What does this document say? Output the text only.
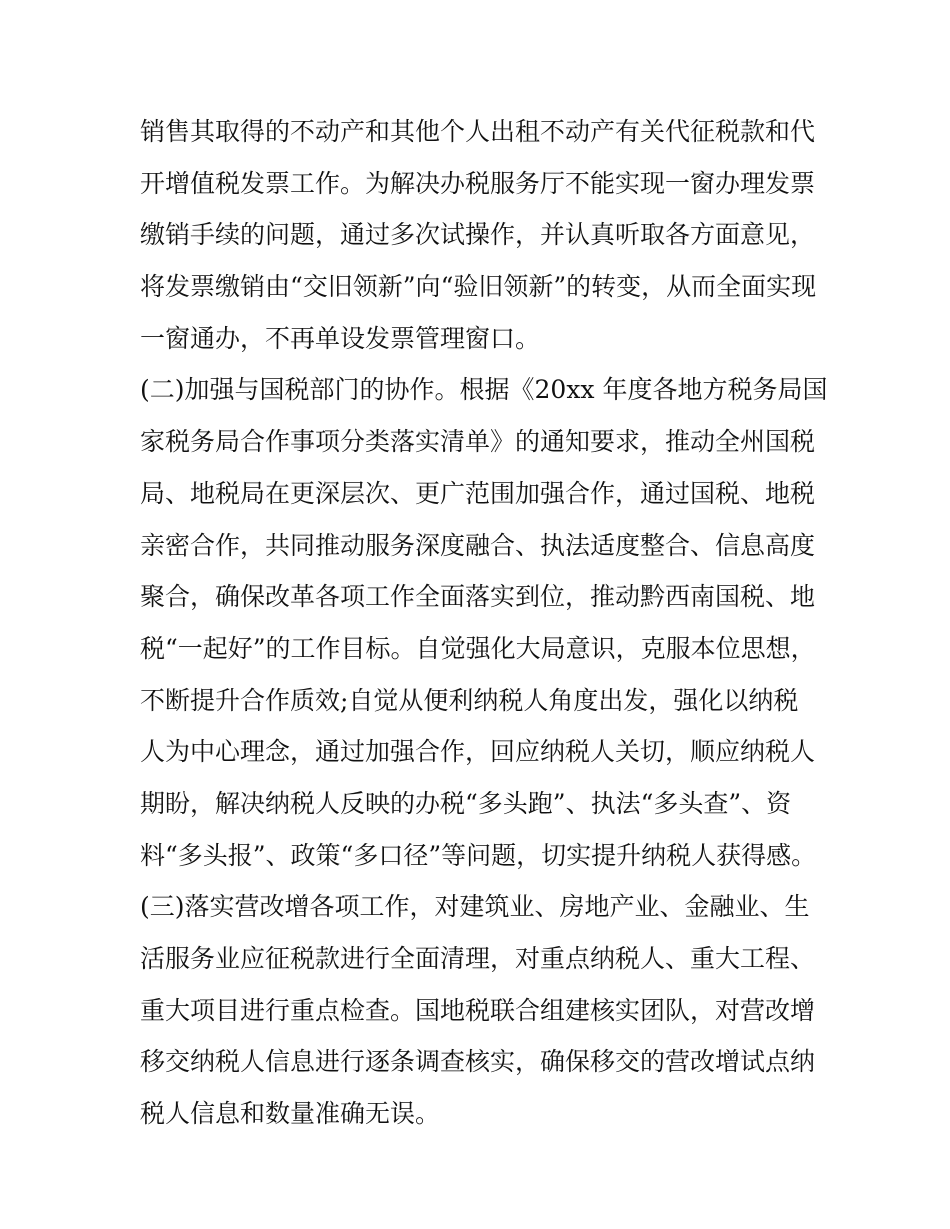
销售其取得的不动产和其他个人出租不动产有关代征税款和代
开增值税发票工作。为解决办税服务厅不能实现一窗办理发票
缴销手续的问题，通过多次试操作，并认真听取各方面意见，
将发票缴销由“交旧领新”向“验旧领新”的转变，从而全面实现
一窗通办，不再单设发票管理窗口。
(二)加强与国税部门的协作。根据《20xx 年度各地方税务局国
家税务局合作事项分类落实清单》的通知要求，推动全州国税
局、地税局在更深层次、更广范围加强合作，通过国税、地税
亲密合作，共同推动服务深度融合、执法适度整合、信息高度
聚合，确保改革各项工作全面落实到位，推动黔西南国税、地
税“一起好”的工作目标。自觉强化大局意识，克服本位思想，
不断提升合作质效;自觉从便利纳税人角度出发，强化以纳税
人为中心理念，通过加强合作，回应纳税人关切，顺应纳税人
期盼，解决纳税人反映的办税“多头跑”、执法“多头查”、资
料“多头报”、政策“多口径”等问题，切实提升纳税人获得感。
(三)落实营改增各项工作，对建筑业、房地产业、金融业、生
活服务业应征税款进行全面清理，对重点纳税人、重大工程、
重大项目进行重点检查。国地税联合组建核实团队，对营改增
移交纳税人信息进行逐条调查核实，确保移交的营改增试点纳
税人信息和数量准确无误。
